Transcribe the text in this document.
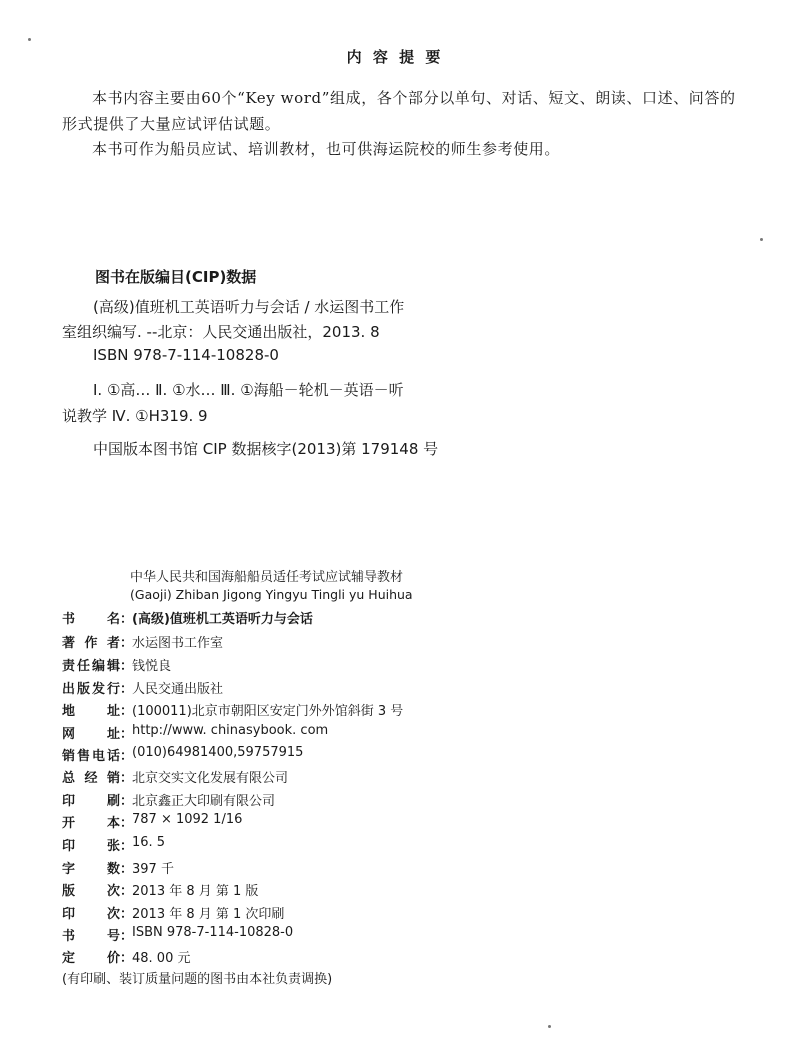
内 容 提 要
本书内容主要由60个“Key word”组成，各个部分以单句、对话、短文、朗读、口述、问答的
形式提供了大量应试评估试题。
本书可作为船员应试、培训教材，也可供海运院校的师生参考使用。
图书在版编目(CIP)数据
(高级)值班机工英语听力与会话 / 水运图书工作
室组织编写. --北京：人民交通出版社，2013. 8
ISBN 978-7-114-10828-0
Ⅰ. ①高… Ⅱ. ①水… Ⅲ. ①海船－轮机－英语－听
说教学 Ⅳ. ①H319. 9
中国版本图书馆 CIP 数据核字(2013)第 179148 号
中华人民共和国海船船员适任考试应试辅导教材
(Gaoji) Zhiban Jigong Yingyu Tingli yu Huihua
书名 ：
(高级)值班机工英语听力与会话
著作者 ：
水运图书工作室
责任编辑 ：
钱悦良
出版发行 ：
人民交通出版社
地址 ：
(100011)北京市朝阳区安定门外外馆斜街 3 号
网址 ：
http://www. chinasybook. com
销售电话 ：
(010)64981400,59757915
总经销 ：
北京交实文化发展有限公司
印刷 ：
北京鑫正大印刷有限公司
开本 ：
787 × 1092 1/16
印张 ：
16. 5
字数 ：
397 千
版次 ：
2013 年 8 月 第 1 版
印次 ：
2013 年 8 月 第 1 次印刷
书号 ：
ISBN 978-7-114-10828-0
定价 ：
48. 00 元
(有印刷、装订质量问题的图书由本社负责调换)
